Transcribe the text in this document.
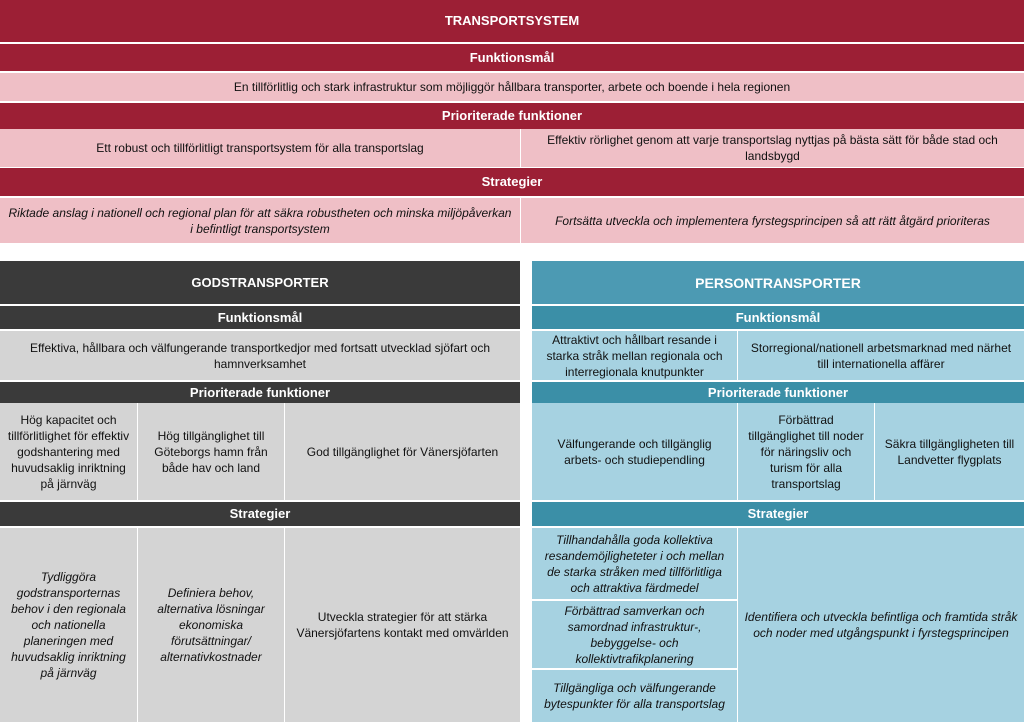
TRANSPORTSYSTEM
Funktionsmål
En tillförlitlig och stark infrastruktur som möjliggör hållbara transporter, arbete och boende i hela regionen
Prioriterade funktioner
Ett robust och tillförlitligt transportsystem för alla transportslag
Effektiv rörlighet genom att varje transportslag nyttjas på bästa sätt för både stad och landsbygd
Strategier
Riktade anslag i nationell och regional plan för att säkra robustheten och minska miljöpåverkan i befintligt transportsystem
Fortsätta utveckla och implementera fyrstegsprincipen så att rätt åtgärd prioriteras
GODSTRANSPORTER
Funktionsmål
Effektiva, hållbara och välfungerande transportkedjor med fortsatt utvecklad sjöfart och hamnverksamhet
Prioriterade funktioner
Hög kapacitet och tillförlitlighet för effektiv godshantering med huvudsaklig inriktning på järnväg
Hög tillgänglighet till Göteborgs hamn från både hav och land
God tillgänglighet för Vänersjöfarten
Strategier
Tydliggöra godstransporternas behov i den regionala och nationella planeringen med huvudsaklig inriktning på järnväg
Definiera behov, alternativa lösningar ekonomiska förutsättningar/ alternativkostnader
Utveckla strategier för att stärka Vänersjöfartens kontakt med omvärlden
PERSONTRANSPORTER
Funktionsmål
Attraktivt och hållbart resande i starka stråk mellan regionala och interregionala knutpunkter
Storregional/nationell arbetsmarknad med närhet till internationella affärer
Prioriterade funktioner
Välfungerande och tillgänglig arbets- och studiependling
Förbättrad tillgänglighet till noder för näringsliv och turism för alla transportslag
Säkra tillgängligheten till Landvetter flygplats
Strategier
Tillhandahålla goda kollektiva resandemöjligheteter i och mellan de starka stråken med tillförlitliga och attraktiva färdmedel
Förbättrad samverkan och samordnad infrastruktur-, bebyggelse- och kollektivtrafikplanering
Tillgängliga och välfungerande bytespunkter för alla transportslag
Identifiera och utveckla befintliga och framtida stråk och noder med utgångspunkt i fyrstegsprincipen
